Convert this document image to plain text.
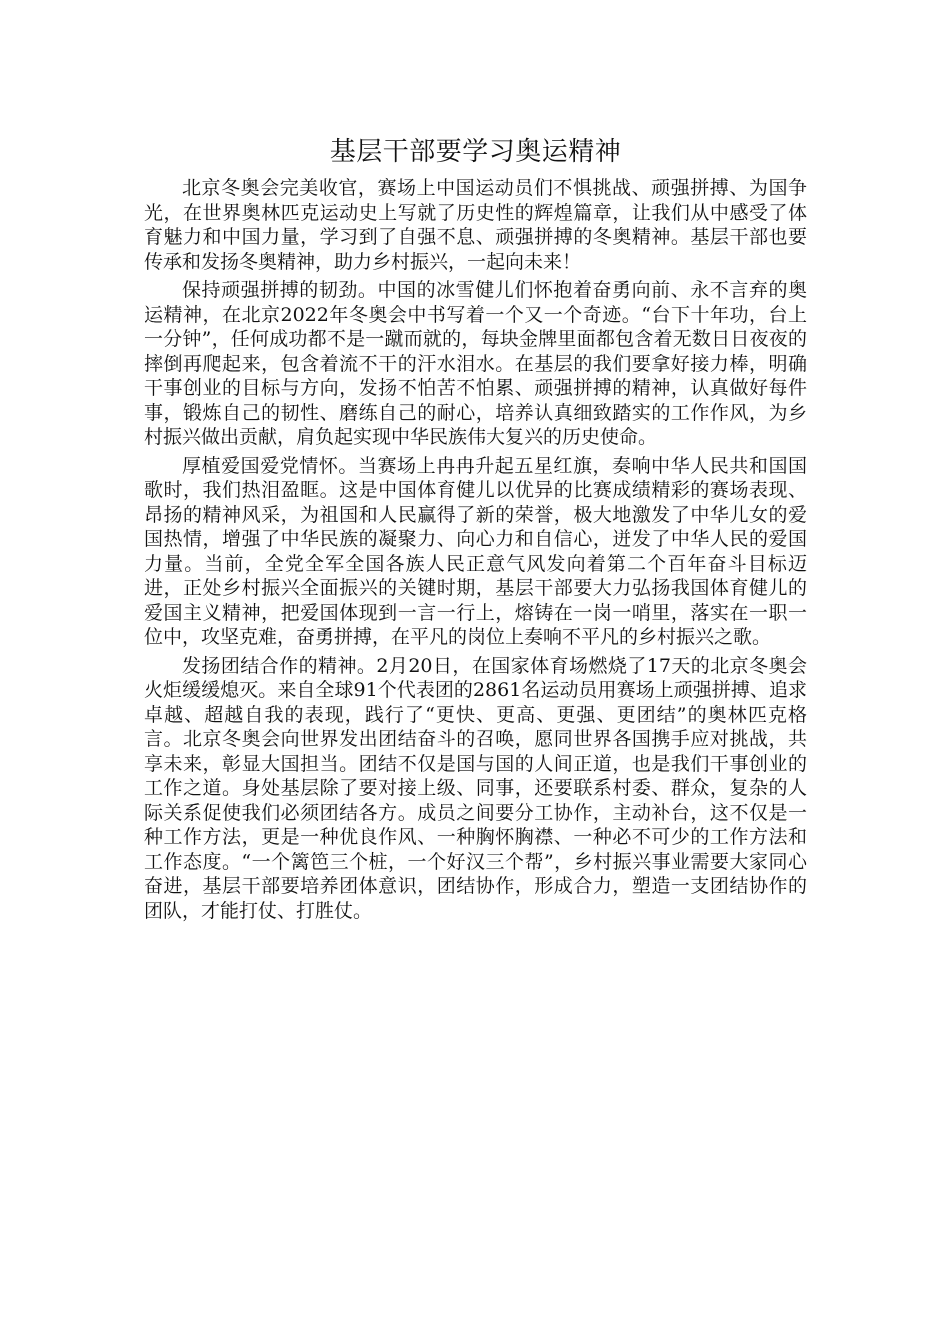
基层干部要学习奥运精神

北京冬奥会完美收官，赛场上中国运动员们不惧挑战、顽强拼搏、为国争光，在世界奥林匹克运动史上写就了历史性的辉煌篇章，让我们从中感受了体育魅力和中国力量，学习到了自强不息、顽强拼搏的冬奥精神。基层干部也要传承和发扬冬奥精神，助力乡村振兴，一起向未来！

保持顽强拼搏的韧劲。中国的冰雪健儿们怀抱着奋勇向前、永不言弃的奥运精神，在北京2022年冬奥会中书写着一个又一个奇迹。“台下十年功，台上一分钟”，任何成功都不是一蹴而就的，每块金牌里面都包含着无数日日夜夜的摔倒再爬起来，包含着流不干的汗水泪水。在基层的我们要拿好接力棒，明确干事创业的目标与方向，发扬不怕苦不怕累、顽强拼搏的精神，认真做好每件事，锻炼自己的韧性、磨练自己的耐心，培养认真细致踏实的工作作风，为乡村振兴做出贡献，肩负起实现中华民族伟大复兴的历史使命。

厚植爱国爱党情怀。当赛场上冉冉升起五星红旗，奏响中华人民共和国国歌时，我们热泪盈眶。这是中国体育健儿以优异的比赛成绩精彩的赛场表现、昂扬的精神风采，为祖国和人民赢得了新的荣誉，极大地激发了中华儿女的爱国热情，增强了中华民族的凝聚力、向心力和自信心，迸发了中华人民的爱国力量。当前，全党全军全国各族人民正意气风发向着第二个百年奋斗目标迈进，正处乡村振兴全面振兴的关键时期，基层干部要大力弘扬我国体育健儿的爱国主义精神，把爱国体现到一言一行上，熔铸在一岗一哨里，落实在一职一位中，攻坚克难，奋勇拼搏，在平凡的岗位上奏响不平凡的乡村振兴之歌。

发扬团结合作的精神。2月20日，在国家体育场燃烧了17天的北京冬奥会火炬缓缓熄灭。来自全球91个代表团的2861名运动员用赛场上顽强拼搏、追求卓越、超越自我的表现，践行了“更快、更高、更强、更团结”的奥林匹克格言。北京冬奥会向世界发出团结奋斗的召唤，愿同世界各国携手应对挑战，共享未来，彰显大国担当。团结不仅是国与国的人间正道，也是我们干事创业的工作之道。身处基层除了要对接上级、同事，还要联系村委、群众，复杂的人际关系促使我们必须团结各方。成员之间要分工协作，主动补台，这不仅是一种工作方法，更是一种优良作风、一种胸怀胸襟、一种必不可少的工作方法和工作态度。“一个篱笆三个桩，一个好汉三个帮”，乡村振兴事业需要大家同心奋进，基层干部要培养团体意识，团结协作，形成合力，塑造一支团结协作的团队，才能打仗、打胜仗。
